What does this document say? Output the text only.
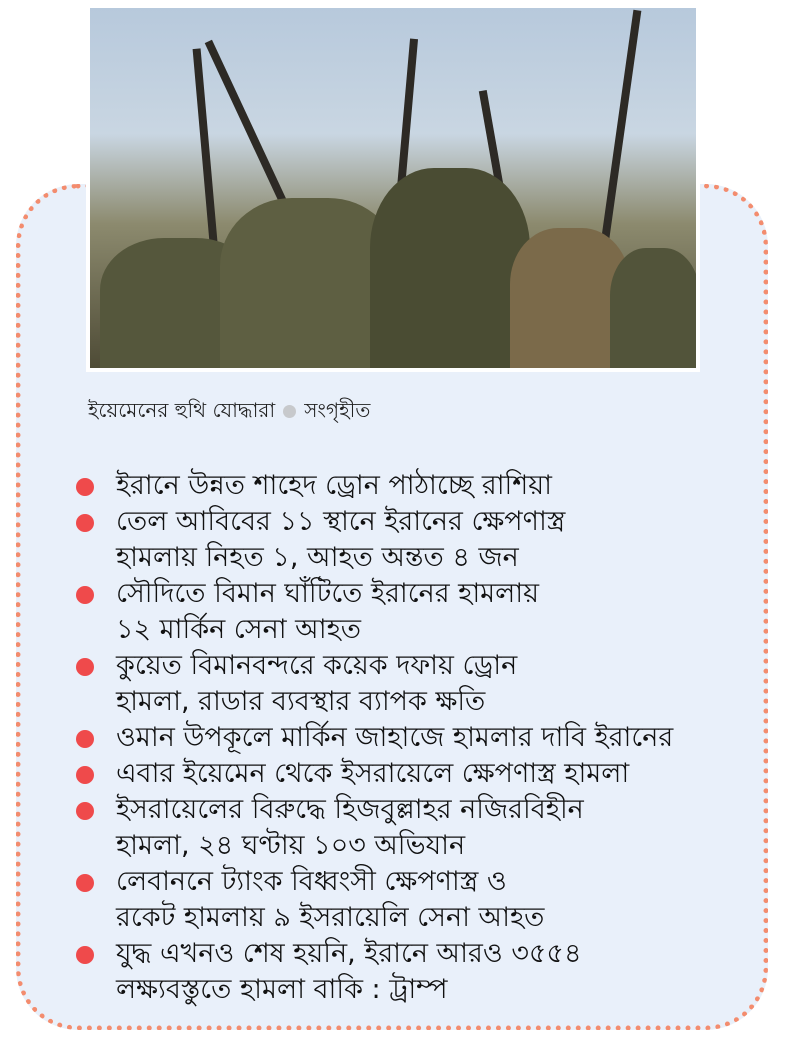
ইয়েমেনের হুথি যোদ্ধারা সংগৃহীত
ইরানে উন্নত শাহেদ ড্রোন পাঠাচ্ছে রাশিয়া
তেল আবিবের ১১ স্থানে ইরানের ক্ষেপণাস্ত্র
হামলায় নিহত ১, আহত অন্তত ৪ জন
সৌদিতে বিমান ঘাঁটিতে ইরানের হামলায়
১২ মার্কিন সেনা আহত
কুয়েত বিমানবন্দরে কয়েক দফায় ড্রোন
হামলা, রাডার ব্যবস্থার ব্যাপক ক্ষতি
ওমান উপকূলে মার্কিন জাহাজে হামলার দাবি ইরানের
এবার ইয়েমেন থেকে ইসরায়েলে ক্ষেপণাস্ত্র হামলা
ইসরায়েলের বিরুদ্ধে হিজবুল্লাহর নজিরবিহীন
হামলা, ২৪ ঘণ্টায় ১০৩ অভিযান
লেবাননে ট্যাংক বিধ্বংসী ক্ষেপণাস্ত্র ও
রকেট হামলায় ৯ ইসরায়েলি সেনা আহত
যুদ্ধ এখনও শেষ হয়নি, ইরানে আরও ৩৫৫৪
লক্ষ্যবস্তুতে হামলা বাকি : ট্রাম্প
